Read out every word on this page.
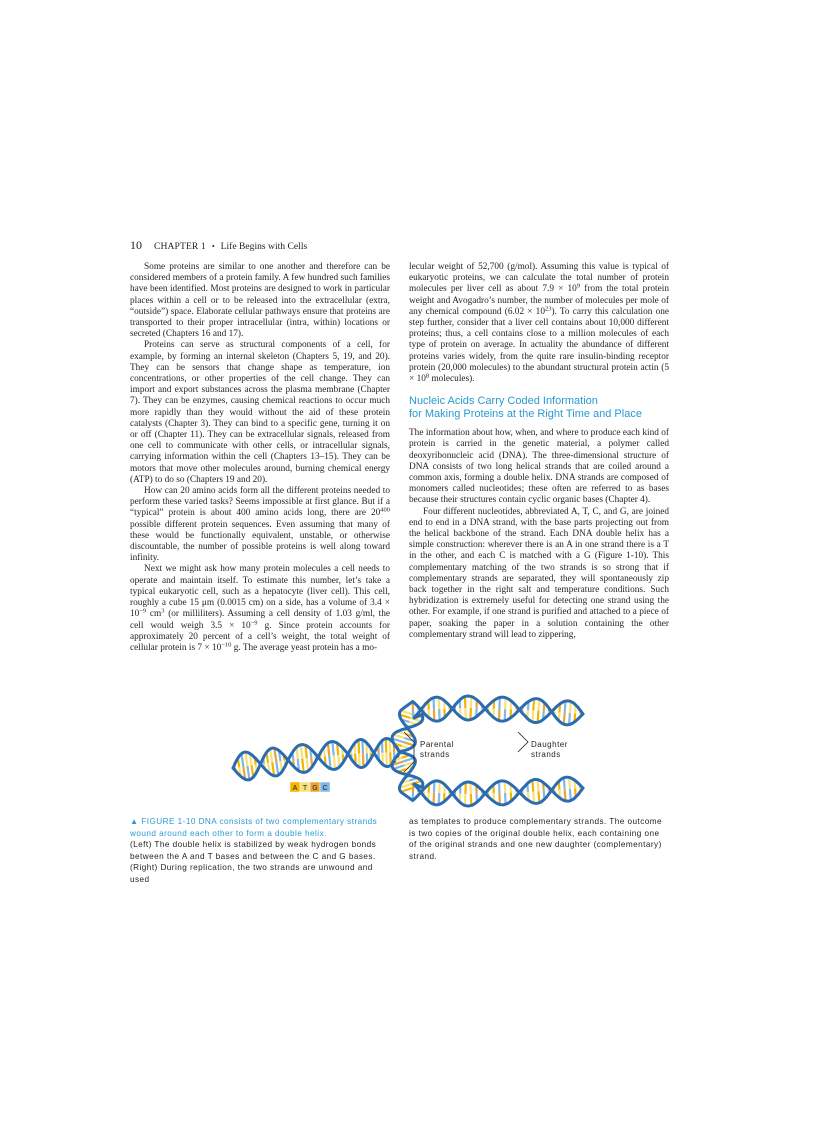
10 CHAPTER 1 • Life Begins with Cells

Some proteins are similar to one another and therefore can be considered members of a protein family. A few hundred such families have been identified. Most proteins are designed to work in particular places within a cell or to be released into the extracellular (extra, “outside”) space. Elaborate cellular pathways ensure that proteins are transported to their proper intracellular (intra, within) locations or secreted (Chapters 16 and 17).

Proteins can serve as structural components of a cell, for example, by forming an internal skeleton (Chapters 5, 19, and 20). They can be sensors that change shape as temperature, ion concentrations, or other properties of the cell change. They can import and export substances across the plasma membrane (Chapter 7). They can be enzymes, causing chemical reactions to occur much more rapidly than they would without the aid of these protein catalysts (Chapter 3). They can bind to a specific gene, turning it on or off (Chapter 11). They can be extracellular signals, released from one cell to communicate with other cells, or intracellular signals, carrying information within the cell (Chapters 13–15). They can be motors that move other molecules around, burning chemical energy (ATP) to do so (Chapters 19 and 20).

How can 20 amino acids form all the different proteins needed to perform these varied tasks? Seems impossible at first glance. But if a “typical” protein is about 400 amino acids long, there are $20^{400}$ possible different protein sequences. Even assuming that many of these would be functionally equivalent, unstable, or otherwise discountable, the number of possible proteins is well along toward infinity.

Next we might ask how many protein molecules a cell needs to operate and maintain itself. To estimate this number, let’s take a typical eukaryotic cell, such as a hepatocyte (liver cell). This cell, roughly a cube 15 μm (0.0015 cm) on a side, has a volume of $3.4 \times 10^{-9}$ $cm^3$ (or milliliters). Assuming a cell density of 1.03 g/ml, the cell would weigh $3.5 \times 10^{-9}$ g. Since protein accounts for approximately 20 percent of a cell’s weight, the total weight of cellular protein is $7 \times 10^{-10}$ g. The average yeast protein has a mo-

lecular weight of 52,700 (g/mol). Assuming this value is typical of eukaryotic proteins, we can calculate the total number of protein molecules per liver cell as about $7.9 \times 10^9$ from the total protein weight and Avogadro’s number, the number of molecules per mole of any chemical compound $(6.02 \times 10^{23})$. To carry this calculation one step further, consider that a liver cell contains about 10,000 different proteins; thus, a cell contains close to a million molecules of each type of protein on average. In actuality the abundance of different proteins varies widely, from the quite rare insulin-binding receptor protein (20,000 molecules) to the abundant structural protein actin ($5 \times 10^8$ molecules).

Nucleic Acids Carry Coded Information
for Making Proteins at the Right Time and Place

The information about how, when, and where to produce each kind of protein is carried in the genetic material, a polymer called deoxyribonucleic acid (DNA). The three-dimensional structure of DNA consists of two long helical strands that are coiled around a common axis, forming a double helix. DNA strands are composed of monomers called nucleotides; these often are referred to as bases because their structures contain cyclic organic bases (Chapter 4).

Four different nucleotides, abbreviated A, T, C, and G, are joined end to end in a DNA strand, with the base parts projecting out from the helical backbone of the strand. Each DNA double helix has a simple construction: wherever there is an A in one strand there is a T in the other, and each C is matched with a G (Figure 1-10). This complementary matching of the two strands is so strong that if complementary strands are separated, they will spontaneously zip back together in the right salt and temperature conditions. Such hybridization is extremely useful for detecting one strand using the other. For example, if one strand is purified and attached to a piece of paper, soaking the paper in a solution containing the other complementary strand will lead to zippering,

Parental
strands
Daughter
strands
A T G C

▲ FIGURE 1-10 DNA consists of two complementary strands wound around each other to form a double helix.

(Left) The double helix is stabilized by weak hydrogen bonds between the A and T bases and between the C and G bases. (Right) During replication, the two strands are unwound and used

as templates to produce complementary strands. The outcome is two copies of the original double helix, each containing one of the original strands and one new daughter (complementary) strand.
